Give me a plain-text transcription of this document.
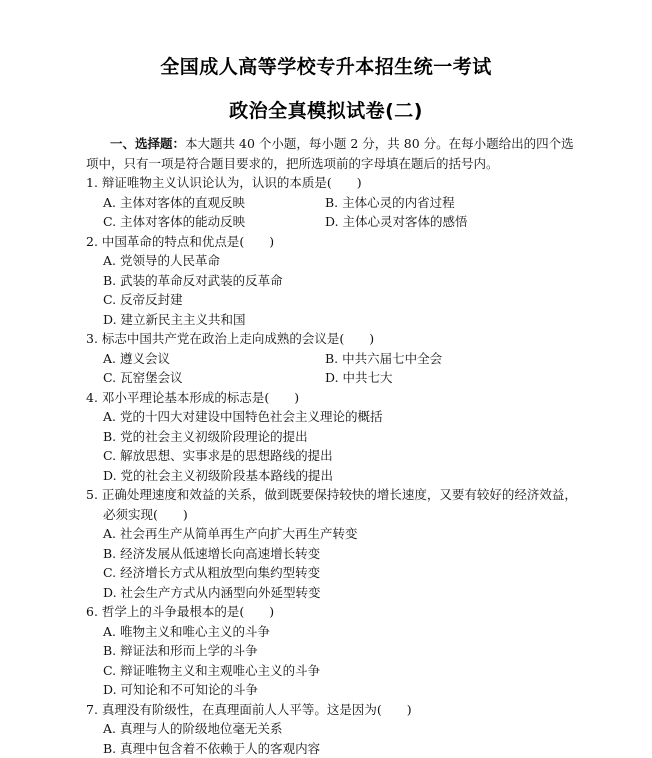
全国成人高等学校专升本招生统一考试
政治全真模拟试卷(二)
一、选择题：本大题共 40 个小题，每小题 2 分，共 80 分。在每小题给出的四个选项中，只有一项是符合题目要求的，把所选项前的字母填在题后的括号内。
1. 辩证唯物主义认识论认为，认识的本质是(　　)
A. 主体对客体的直观反映	B. 主体心灵的内省过程
C. 主体对客体的能动反映	D. 主体心灵对客体的感悟
2. 中国革命的特点和优点是(　　)
A. 党领导的人民革命
B. 武装的革命反对武装的反革命
C. 反帝反封建
D. 建立新民主主义共和国
3. 标志中国共产党在政治上走向成熟的会议是(　　)
A. 遵义会议	B. 中共六届七中全会
C. 瓦窑堡会议	D. 中共七大
4. 邓小平理论基本形成的标志是(　　)
A. 党的十四大对建设中国特色社会主义理论的概括
B. 党的社会主义初级阶段理论的提出
C. 解放思想、实事求是的思想路线的提出
D. 党的社会主义初级阶段基本路线的提出
5. 正确处理速度和效益的关系，做到既要保持较快的增长速度，又要有较好的经济效益，
必须实现(　　)
A. 社会再生产从简单再生产向扩大再生产转变
B. 经济发展从低速增长向高速增长转变
C. 经济增长方式从粗放型向集约型转变
D. 社会生产方式从内涵型向外延型转变
6. 哲学上的斗争最根本的是(　　)
A. 唯物主义和唯心主义的斗争
B. 辩证法和形而上学的斗争
C. 辩证唯物主义和主观唯心主义的斗争
D. 可知论和不可知论的斗争
7. 真理没有阶级性，在真理面前人人平等。这是因为(　　)
A. 真理与人的阶级地位毫无关系
B. 真理中包含着不依赖于人的客观内容
